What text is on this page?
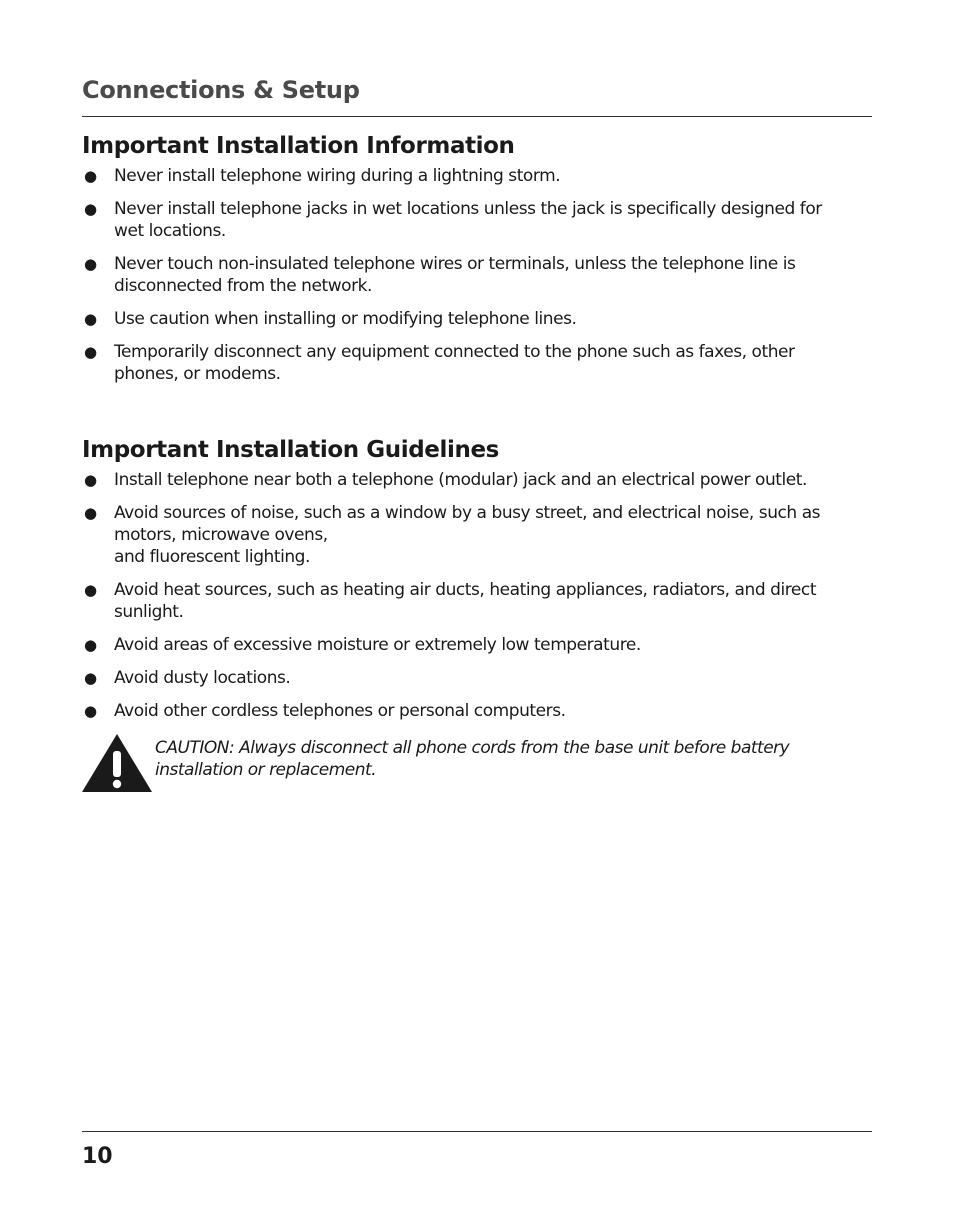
Connections & Setup
Important Installation Information
● Never install telephone wiring during a lightning storm.
● Never install telephone jacks in wet locations unless the jack is specifically designed for
wet locations.
● Never touch non-insulated telephone wires or terminals, unless the telephone line is
disconnected from the network.
● Use caution when installing or modifying telephone lines.
● Temporarily disconnect any equipment connected to the phone such as faxes, other
phones, or modems.
Important Installation Guidelines
● Install telephone near both a telephone (modular) jack and an electrical power outlet.
● Avoid sources of noise, such as a window by a busy street, and electrical noise, such as
motors, microwave ovens,
and fluorescent lighting.
● Avoid heat sources, such as heating air ducts, heating appliances, radiators, and direct
sunlight.
● Avoid areas of excessive moisture or extremely low temperature.
● Avoid dusty locations.
● Avoid other cordless telephones or personal computers.
CAUTION: Always disconnect all phone cords from the base unit before battery
installation or replacement.
10
